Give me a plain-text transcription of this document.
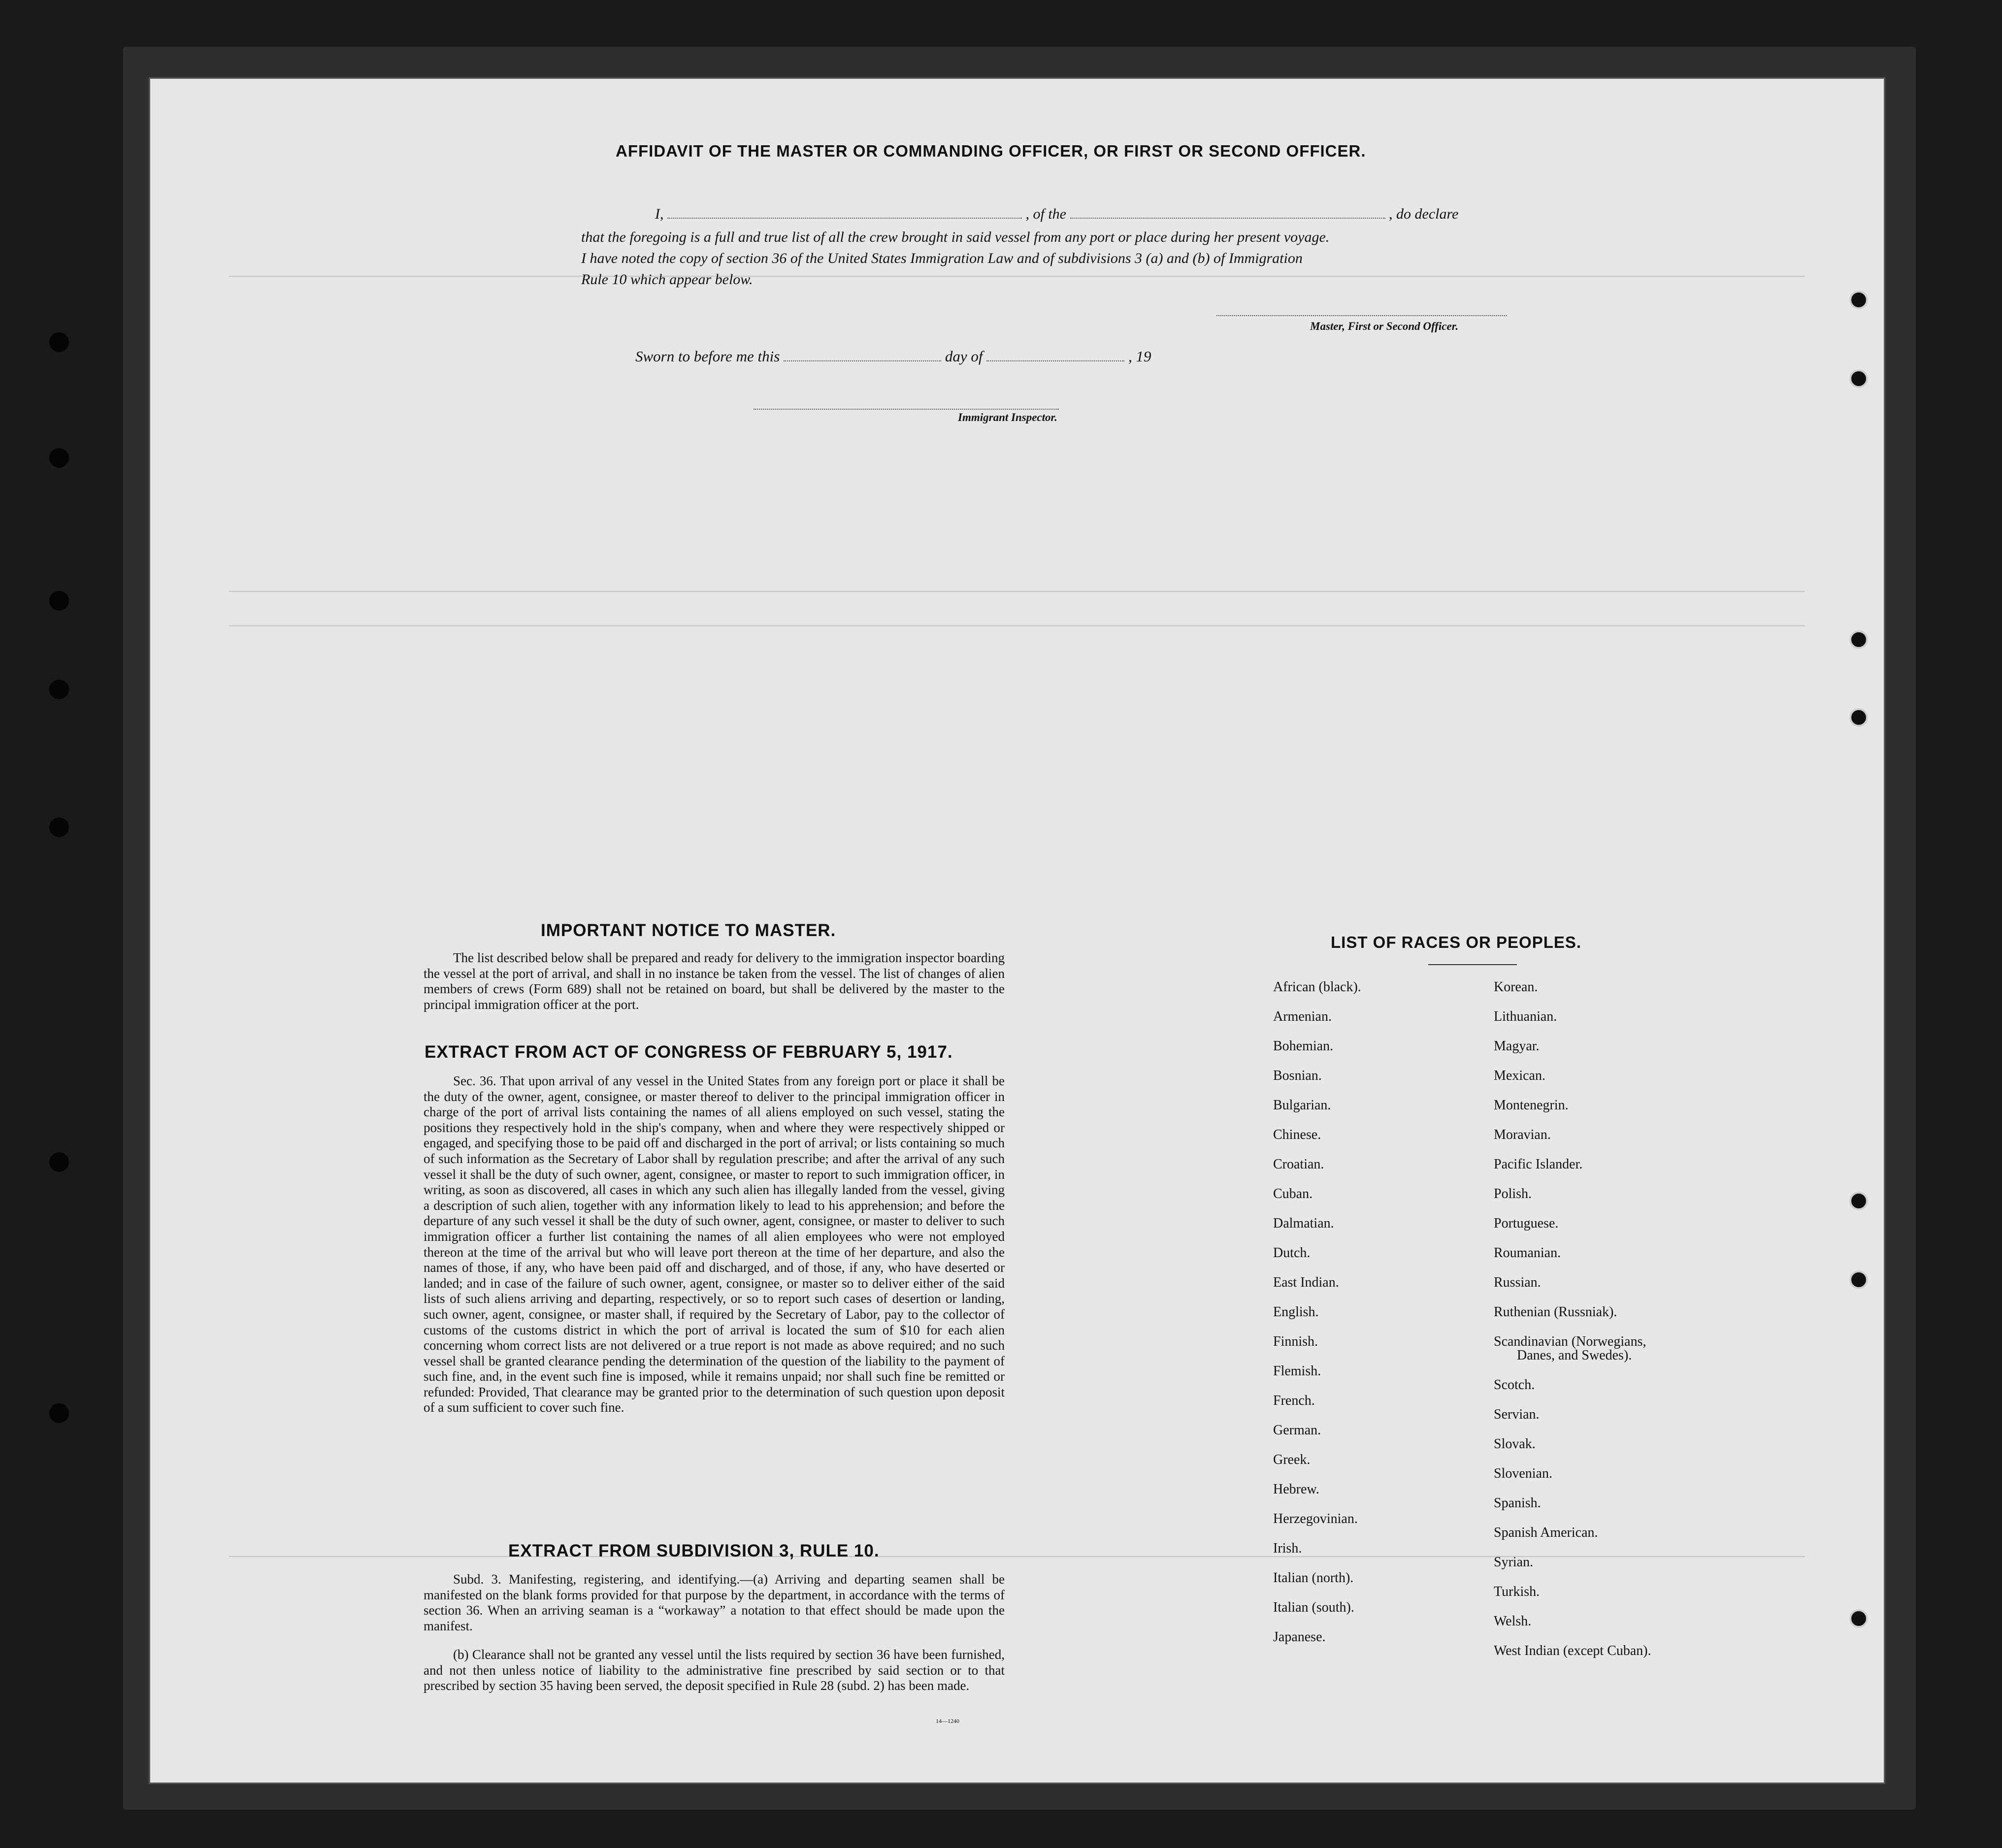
AFFIDAVIT OF THE MASTER OR COMMANDING OFFICER, OR FIRST OR SECOND OFFICER.
I,	, of the	, do declare
that the foregoing is a full and true list of all the crew brought in said vessel from any port or place during her present voyage.
I have noted the copy of section 36 of the United States Immigration Law and of subdivisions 3 (a) and (b) of Immigration
Rule 10 which appear below.
Master, First or Second Officer.
Sworn to before me this	day of	, 19
Immigrant Inspector.
IMPORTANT NOTICE TO MASTER.

The list described below shall be prepared and ready for delivery to the immigration inspector boarding the vessel at the port of arrival, and shall in no instance be taken from the vessel. The list of changes of alien members of crews (Form 689) shall not be retained on board, but shall be delivered by the master to the principal immigration officer at the port.

EXTRACT FROM ACT OF CONGRESS OF FEBRUARY 5, 1917.

Sec. 36. That upon arrival of any vessel in the United States from any foreign port or place it shall be the duty of the owner, agent, consignee, or master thereof to deliver to the principal immigration officer in charge of the port of arrival lists containing the names of all aliens employed on such vessel, stating the positions they respectively hold in the ship's company, when and where they were respectively shipped or engaged, and specifying those to be paid off and discharged in the port of arrival; or lists containing so much of such information as the Secretary of Labor shall by regulation prescribe; and after the arrival of any such vessel it shall be the duty of such owner, agent, consignee, or master to report to such immigration officer, in writing, as soon as discovered, all cases in which any such alien has illegally landed from the vessel, giving a description of such alien, together with any information likely to lead to his apprehension; and before the departure of any such vessel it shall be the duty of such owner, agent, consignee, or master to deliver to such immigration officer a further list containing the names of all alien employees who were not employed thereon at the time of the arrival but who will leave port thereon at the time of her departure, and also the names of those, if any, who have been paid off and discharged, and of those, if any, who have deserted or landed; and in case of the failure of such owner, agent, consignee, or master so to deliver either of the said lists of such aliens arriving and departing, respectively, or so to report such cases of desertion or landing, such owner, agent, consignee, or master shall, if required by the Secretary of Labor, pay to the collector of customs of the customs district in which the port of arrival is located the sum of $10 for each alien concerning whom correct lists are not delivered or a true report is not made as above required; and no such vessel shall be granted clearance pending the determination of the question of the liability to the payment of such fine, and, in the event such fine is imposed, while it remains unpaid; nor shall such fine be remitted or refunded: Provided, That clearance may be granted prior to the determination of such question upon deposit of a sum sufficient to cover such fine.

EXTRACT FROM SUBDIVISION 3, RULE 10.

Subd. 3. Manifesting, registering, and identifying.—(a) Arriving and departing seamen shall be manifested on the blank forms provided for that purpose by the department, in accordance with the terms of section 36. When an arriving seaman is a “workaway” a notation to that effect should be made upon the manifest.

(b) Clearance shall not be granted any vessel until the lists required by section 36 have been furnished, and not then unless notice of liability to the administrative fine prescribed by said section or to that prescribed by section 35 having been served, the deposit specified in Rule 28 (subd. 2) has been made.

14—1240
LIST OF RACES OR PEOPLES.
African (black).
Armenian.
Bohemian.
Bosnian.
Bulgarian.
Chinese.
Croatian.
Cuban.
Dalmatian.
Dutch.
East Indian.
English.
Finnish.
Flemish.
French.
German.
Greek.
Hebrew.
Herzegovinian.
Irish.
Italian (north).
Italian (south).
Japanese.
Korean.
Lithuanian.
Magyar.
Mexican.
Montenegrin.
Moravian.
Pacific Islander.
Polish.
Portuguese.
Roumanian.
Russian.
Ruthenian (Russniak).
Scandinavian (Norwegians,
Danes, and Swedes).
Scotch.
Servian.
Slovak.
Slovenian.
Spanish.
Spanish American.
Syrian.
Turkish.
Welsh.
West Indian (except Cuban).
